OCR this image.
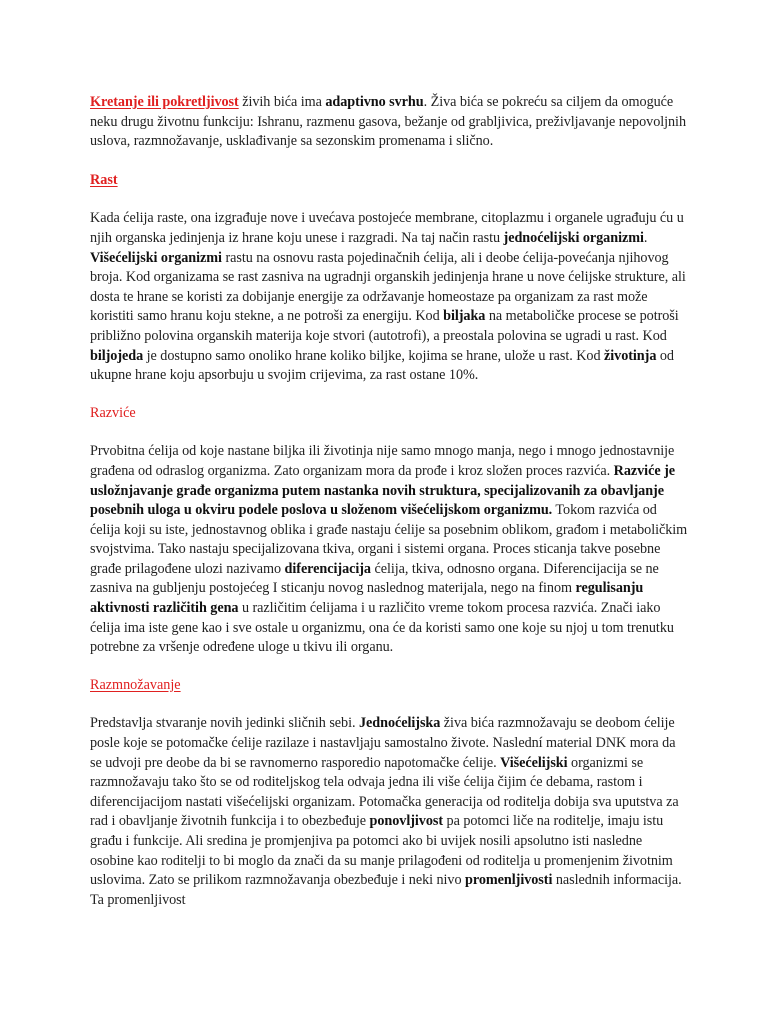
Kretanje ili pokretljivost živih bića ima adaptivno svrhu. Živa bića se pokreću sa ciljem da omoguće neku drugu životnu funkciju: Ishranu, razmenu gasova, bežanje od grabljivica, preživljavanje nepovoljnih uslova, razmnožavanje, usklađivanje sa sezonskim promenama i slično.

Rast

Kada ćelija raste, ona izgrađuje nove i uvećava postojeće membrane, citoplazmu i organele ugrađuju ću u njih organska jedinjenja iz hrane koju unese i razgradi. Na taj način rastu jednoćelijski organizmi. Višećelijski organizmi rastu na osnovu rasta pojedinačnih ćelija, ali i deobe ćelija-povećanja njihovog broja. Kod organizama se rast zasniva na ugradnji organskih jedinjenja hrane u nove ćelijske strukture, ali dosta te hrane se koristi za dobijanje energije za održavanje homeostaze pa organizam za rast može koristiti samo hranu koju stekne, a ne potroši za energiju. Kod biljaka na metaboličke procese se potroši približno polovina organskih materija koje stvori (autotrofi), a preostala polovina se ugradi u rast. Kod biljojeda je dostupno samo onoliko hrane koliko biljke, kojima se hrane, ulože u rast. Kod životinja od ukupne hrane koju apsorbuju u svojim crijevima, za rast ostane 10%.

Razviće

Prvobitna ćelija od koje nastane biljka ili životinja nije samo mnogo manja, nego i mnogo jednostavnije građena od odraslog organizma. Zato organizam mora da prođe i kroz složen proces razvića. Razviće je usložnjavanje građe organizma putem nastanka novih struktura, specijalizovanih za obavljanje posebnih uloga u okviru podele poslova u složenom višećelijskom organizmu. Tokom razvića od ćelija koji su iste, jednostavnog oblika i građe nastaju ćelije sa posebnim oblikom, građom i metaboličkim svojstvima. Tako nastaju specijalizovana tkiva, organi i sistemi organa. Proces sticanja takve posebne građe prilagođene ulozi nazivamo diferencijacija ćelija, tkiva, odnosno organa. Diferencijacija se ne zasniva na gubljenju postojećeg I sticanju novog naslednog materijala, nego na finom regulisanju aktivnosti različitih gena u različitim ćelijama i u različito vreme tokom procesa razvića. Znači iako ćelija ima iste gene kao i sve ostale u organizmu, ona će da koristi samo one koje su njoj u tom trenutku potrebne za vršenje određene uloge u tkivu ili organu.

Razmnožavanje

Predstavlja stvaranje novih jedinki sličnih sebi. Jednoćelijska živa bića razmnožavaju se deobom ćelije posle koje se potomačke ćelije razilaze i nastavljaju samostalno živote. Naslední material DNK mora da se udvoji pre deobe da bi se ravnomerno rasporedio napotomačke ćelije. Višećelijski organizmi se razmnožavaju tako što se od roditeljskog tela odvaja jedna ili više ćelija čijim će debama, rastom i diferencijacijom nastati višećelijski organizam. Potomačka generacija od roditelja dobija sva uputstva za rad i obavljanje životnih funkcija i to obezbeđuje ponovljivost pa potomci liče na roditelje, imaju istu građu i funkcije. Ali sredina je promjenjiva pa potomci ako bi uvijek nosili apsolutno isti nasledne osobine kao roditelji to bi moglo da znači da su manje prilagođeni od roditelja u promenjenim životnim uslovima. Zato se prilikom razmnožavanja obezbeđuje i neki nivo promenljivosti naslednih informacija. Ta promenljivost
